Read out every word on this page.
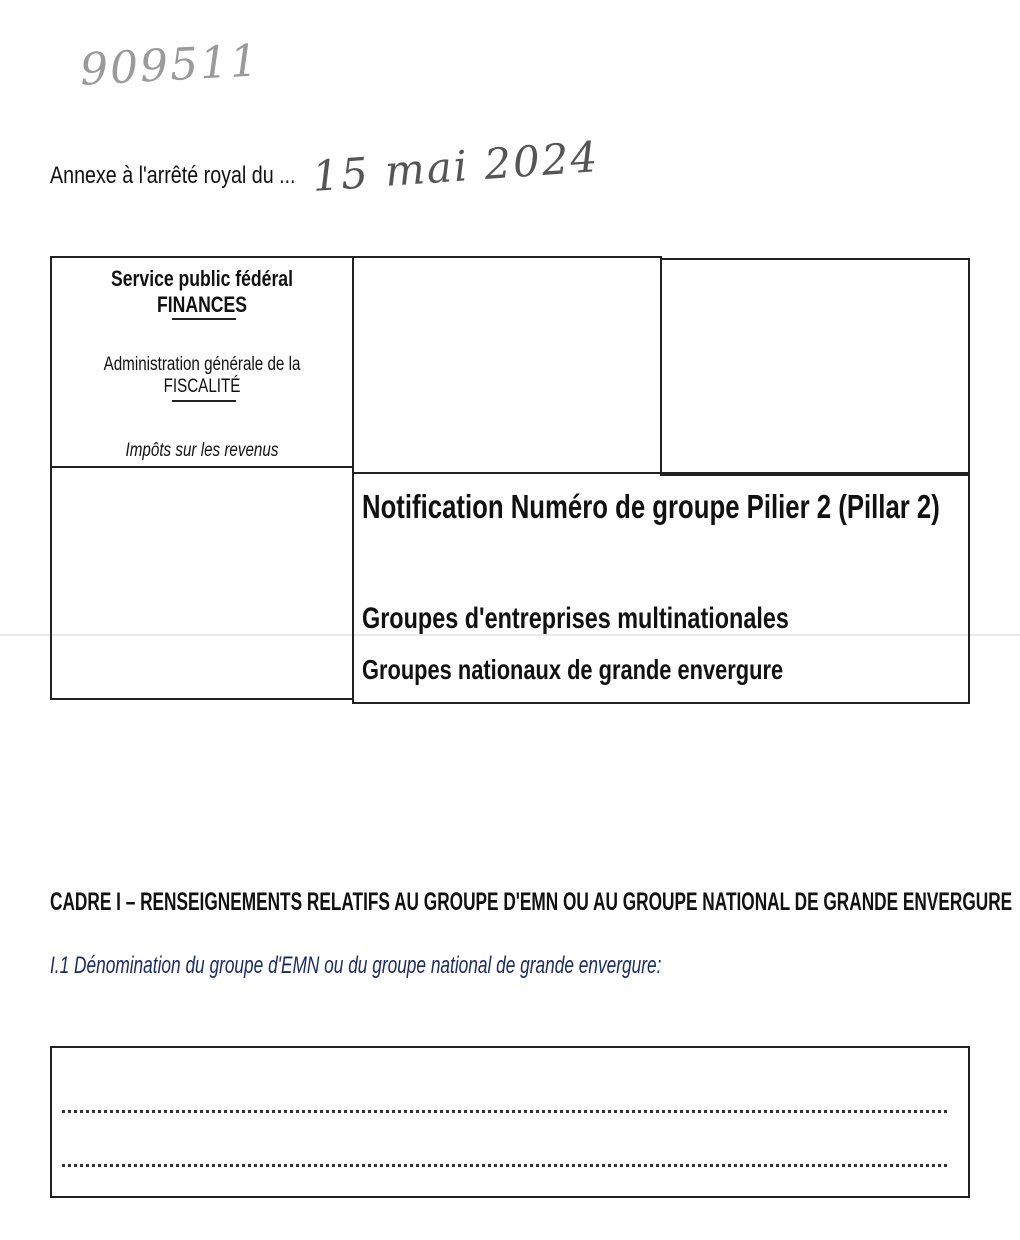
909511
Annexe à l'arrêté royal du ... 15 mai 2024
Service public fédéral FINANCES
Administration générale de la FISCALITÉ
Impôts sur les revenus
Notification Numéro de groupe Pilier 2 (Pillar 2)
Groupes d'entreprises multinationales
Groupes nationaux de grande envergure
CADRE I – RENSEIGNEMENTS RELATIFS AU GROUPE D'EMN OU AU GROUPE NATIONAL DE GRANDE ENVERGURE
I.1 Dénomination du groupe d'EMN ou du groupe national de grande envergure:
